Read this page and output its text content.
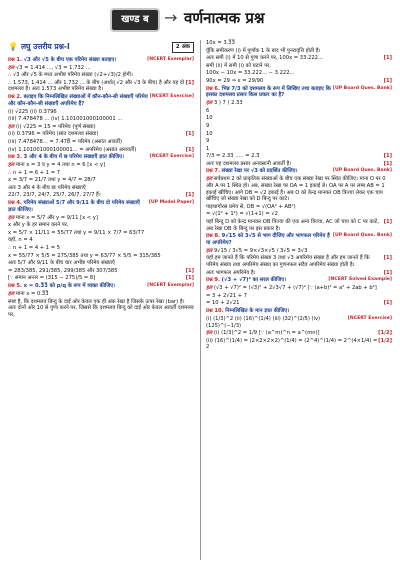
खण्ड ब → वर्णनात्मक प्रश्न
💡 लघु उत्तरीय प्रश्न-I	2 अंक
[NCERT Exemplar]
प्रश्न 1. √3 और √5 के बीच एक परिमेय संख्या बताइए।
हल √3 = 1.414 ..., √3 = 1.732 ...
∴ √3 और √5 के मध्य अभीष्ट परिमेय संख्या (√2+√3)/2 होगी।
[1]
∴ 1.573, 1.414 ... और 1.732 ... के बीच (अर्थात् √2 और √3 के बीच) है और यह दो दशमलव है। अतः 1.573 अभीष्ट परिमेय संख्या है।
[NCERT Exercise]
प्रश्न 2. बताइए कि निम्नलिखित संख्याओं में कौन-कौन-सी संख्याएँ परिमेय और कौन-कौन-सी संख्याएँ अपरिमेय हैं?
(i) √225 (ii) 0.3796
(iii) 7.478478 ... (iv) 1.101001000100001 ...
हल (i) √225 = 15 = परिमेय (पूर्ण संख्या)
[1]
(ii) 0.3796 = परिमेय (सांत दशमलव संख्या)
(iii) 7.478478... = 7.478̅ = परिमेय (असांत आवर्ती)
[1]
(iv) 1.101001000100001... = अपरिमेय (असांत अनावर्ती)
[NCERT Exercise]
प्रश्न 3. 3 और 4 के बीच में छ परिमेय संख्याएँ ज्ञात कीजिए।
हल माना x = 3 व y = 4 तथा n = 6 [x < y]
∴ n + 1 = 6 + 1 = 7
x = 3/7 = 21/7 तथा y = 4/7 = 28/7
अतः 3 और 4 के बीच छः परिमेय संख्याएँ
[1]
22/7, 23/7, 24/7, 25/7, 26/7, 27/7 हैं।
[UP Model Paper]
प्रश्न 4. परिमेय संख्याओं 5/7 और 9/11 के बीच दो परिमेय संख्याएँ ज्ञात कीजिए।
हल माना x = 5/7 और y = 9/11 [x < y]
x और y के हर समान करने पर,
x = 5/7 × 11/11 = 55/77 तथा y = 9/11 × 7/7 = 63/77
यहाँ, n = 4
∴ n + 1 = 4 + 1 = 5
x = 55/77 × 5/5 = 275/385 तथा y = 63/77 × 5/5 = 315/385
अतः 5/7 और 9/11 के बीच चार अभीष्ट परिमेय संख्याएँ
[1]
= 283/385, 291/385, 299/385 और 307/385
[1]
[∵ समान अन्तर = (315 − 275)/5 = 8]
[NCERT Exemplar]
प्रश्न 5. x = 0.3̅3̅ को p/q के रूप में व्यक्त कीजिए।
हल माना x = 0.3̅3̅
स्पष्ट है, कि दशमलव बिन्दु के दाईं ओर केवल एक ही अंक रेखा है जिसके ऊपर रेखा (bar) है। अतः दोनों ओर 10 से गुणा करने पर, जिससे कि दशमलव बिन्दु को दाईं ओर केवल आवर्ती दशमलव पर,
10x = 3.3̅3̅
यूँकि समीकरण (i) में पूर्णांक 1 के बाद भी पुनरावृत्ति होती है।
[1]
अतः समी (i) में 10 से गुणा करने पर, 100x = 33.222...
समी (ii) में समी (i) को घटाने पर,
100x − 10x = 33.222... − 3.222...
[1]
90x = 29 ⇒ x = 29/90
[UP Board Ques. Bank]
प्रश्न 6. भिन्न 7/3 को दशमलव के रूप में लिखिए तथा बताइए कि इसका दशमलव प्रसार किस प्रकार का है?
हल 3 ) 7 ( 2.33
6
10
9
10
9
1
[1]
7/3 = 2.33 ..... = 2.3̅
[1]
अतः यह दशमलव प्रसार अनवसानी आवर्ती है।
[UP Board Ques. Bank]
प्रश्न 7. संख्या रेखा पर √3 को प्रदर्शित कीजिए।
हल सर्वप्रथम 2 को प्राकृतिक संख्याओं के बीच एक संख्या रेखा पर स्थित कीजिए। माना O पर 0 और A पर 1 स्थित हो। अब, संख्या रेखा पर OA = 1 इकाई ले। OA पर A पर लम्ब AB = 1 इकाई खींचिए। आगे OB = √2 इकाई है। अब O को केन्द्र मानकर OB त्रिज्या लेकर एक चाप खींचिए जो संख्या रेखा को D बिन्दु पर काटे।
पाइथागोरस प्रमेय से, OB = √(OA² + AB²)
= √(1² + 1²) = √(1+1) = √2
[1]
यहाँ बिन्दु D को केन्द्र मानकर OB त्रिज्या की एक अन्य त्रिज्या, AC जो चाप को C पर काटे, अब रेखा OB के बिन्दु पर इस प्रकार है।
[UP Board Ques. Bank]
प्रश्न 8. 9√15 को 3√5 से भाग दीजिए और भागफल परिमेय है या अपरिमेय?
हल 9√15 / 3√5 = 9×√3×√5 / 3√5 = 3√3
[1]
यहाँ हम जानते हैं कि परिमेय संख्या 3 तथा √3 अपरिमेय संख्या है और हम जानते हैं कि परिमेय संख्या तथा अपरिमेय संख्या का गुणनफल सदैव अपरिमेय संख्या होती है।
[1]
अतः भागफल अपरिमेय है।
[NCERT Solved Example]
प्रश्न 9. (√3 + √7)² का सरल कीजिए।
हल (√3 + √7)² = (√3)² + 2√3√7 + (√7)² [∵ (a+b)² = a² + 2ab + b²]
= 3 + 2√21 + 7
[1]
= 10 + 2√21
प्रश्न 10. निम्नलिखित के मान ज्ञात कीजिए।
[NCERT Exercise]
(i) (1/3)^2 (ii) (16)^(1/4) (iii) (32)^(2/5) (iv) (125)^(−1/3)
[1/2]
हल (i) (1/3)^2 = 1/9 [∵ (a^m)^n = a^(mn)]
[1/2]
(ii) (16)^(1/4) = (2×2×2×2)^(1/4) = (2^4)^(1/4) = 2^(4×1/4) = 2
